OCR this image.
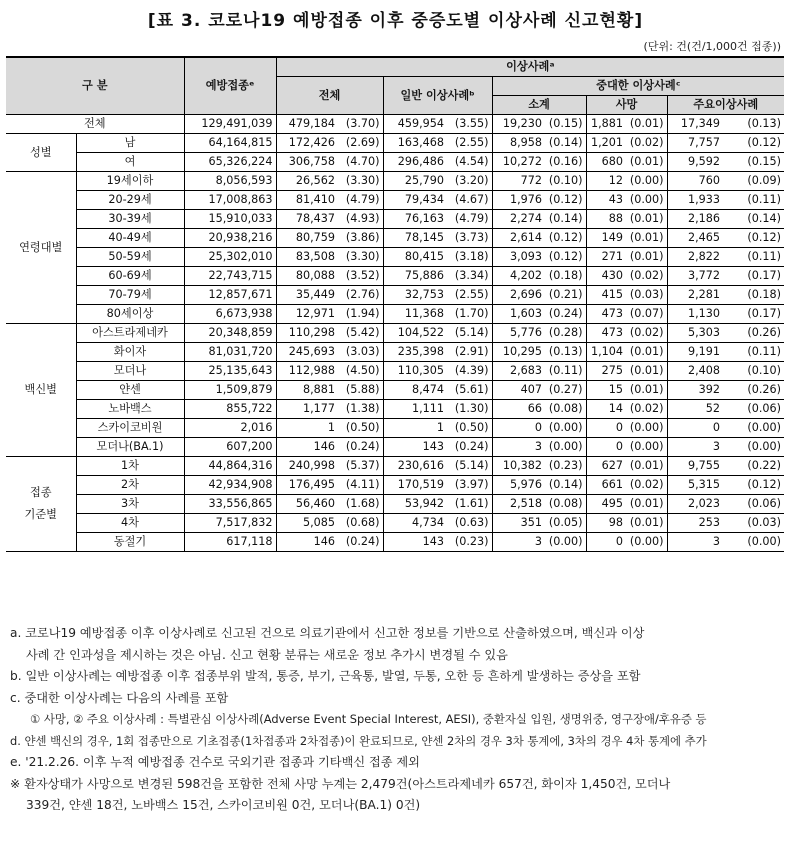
[표 3. 코로나19 예방접종 이후 중증도별 이상사례 신고현황]
(단위: 건(건/1,000건 접종))
구 분		예방접종ᵉ	이상사례ᵃ									
			전체		일반 이상사례ᵇ		중대한 이상사례ᶜ					
							소계		사망		주요이상사례	
전체		129,491,039	479,184	(3.70)	459,954	(3.55)	19,230	(0.15)	1,881	(0.01)	17,349	(0.13)

성별	남	64,164,815	172,426	(2.69)	163,468	(2.55)	8,958	(0.14)	1,201	(0.02)	7,757	(0.12)
	여	65,326,224	306,758	(4.70)	296,486	(4.54)	10,272	(0.16)	680	(0.01)	9,592	(0.15)

연령대별	19세이하	8,056,593	26,562	(3.30)	25,790	(3.20)	772	(0.10)	12	(0.00)	760	(0.09)
	20-29세	17,008,863	81,410	(4.79)	79,434	(4.67)	1,976	(0.12)	43	(0.00)	1,933	(0.11)
	30-39세	15,910,033	78,437	(4.93)	76,163	(4.79)	2,274	(0.14)	88	(0.01)	2,186	(0.14)
	40-49세	20,938,216	80,759	(3.86)	78,145	(3.73)	2,614	(0.12)	149	(0.01)	2,465	(0.12)
	50-59세	25,302,010	83,508	(3.30)	80,415	(3.18)	3,093	(0.12)	271	(0.01)	2,822	(0.11)
	60-69세	22,743,715	80,088	(3.52)	75,886	(3.34)	4,202	(0.18)	430	(0.02)	3,772	(0.17)
	70-79세	12,857,671	35,449	(2.76)	32,753	(2.55)	2,696	(0.21)	415	(0.03)	2,281	(0.18)
	80세이상	6,673,938	12,971	(1.94)	11,368	(1.70)	1,603	(0.24)	473	(0.07)	1,130	(0.17)

백신별	아스트라제네카	20,348,859	110,298	(5.42)	104,522	(5.14)	5,776	(0.28)	473	(0.02)	5,303	(0.26)
	화이자	81,031,720	245,693	(3.03)	235,398	(2.91)	10,295	(0.13)	1,104	(0.01)	9,191	(0.11)
	모더나	25,135,643	112,988	(4.50)	110,305	(4.39)	2,683	(0.11)	275	(0.01)	2,408	(0.10)
	얀센	1,509,879	8,881	(5.88)	8,474	(5.61)	407	(0.27)	15	(0.01)	392	(0.26)
	노바백스	855,722	1,177	(1.38)	1,111	(1.30)	66	(0.08)	14	(0.02)	52	(0.06)
	스카이코비원	2,016	1	(0.50)	1	(0.50)	0	(0.00)	0	(0.00)	0	(0.00)
	모더나(BA.1)	607,200	146	(0.24)	143	(0.24)	3	(0.00)	0	(0.00)	3	(0.00)

접종
기준별	1차	44,864,316	240,998	(5.37)	230,616	(5.14)	10,382	(0.23)	627	(0.01)	9,755	(0.22)
	2차	42,934,908	176,495	(4.11)	170,519	(3.97)	5,976	(0.14)	661	(0.02)	5,315	(0.12)
	3차	33,556,865	56,460	(1.68)	53,942	(1.61)	2,518	(0.08)	495	(0.01)	2,023	(0.06)
	4차	7,517,832	5,085	(0.68)	4,734	(0.63)	351	(0.05)	98	(0.01)	253	(0.03)
	동절기	617,118	146	(0.24)	143	(0.23)	3	(0.00)	0	(0.00)	3	(0.00)

a. 코로나19 예방접종 이후 이상사례로 신고된 건으로 의료기관에서 신고한 정보를 기반으로 산출하였으며, 백신과 이상

사례 간 인과성을 제시하는 것은 아님. 신고 현황 분류는 새로운 정보 추가시 변경될 수 있음

b. 일반 이상사례는 예방접종 이후 접종부위 발적, 통증, 부기, 근육통, 발열, 두통, 오한 등 흔하게 발생하는 증상을 포함

c. 중대한 이상사례는 다음의 사례를 포함

① 사망, ② 주요 이상사례 : 특별관심 이상사례(Adverse Event Special Interest, AESI), 중환자실 입원, 생명위중, 영구장애/후유증 등

d. 얀센 백신의 경우, 1회 접종만으로 기초접종(1차접종과 2차접종)이 완료되므로, 얀센 2차의 경우 3차 통계에, 3차의 경우 4차 통계에 추가

e. '21.2.26. 이후 누적 예방접종 건수로 국외기관 접종과 기타백신 접종 제외

※ 환자상태가 사망으로 변경된 598건을 포함한 전체 사망 누계는 2,479건(아스트라제네카 657건, 화이자 1,450건, 모더나

339건, 얀센 18건, 노바백스 15건, 스카이코비원 0건, 모더나(BA.1) 0건)
